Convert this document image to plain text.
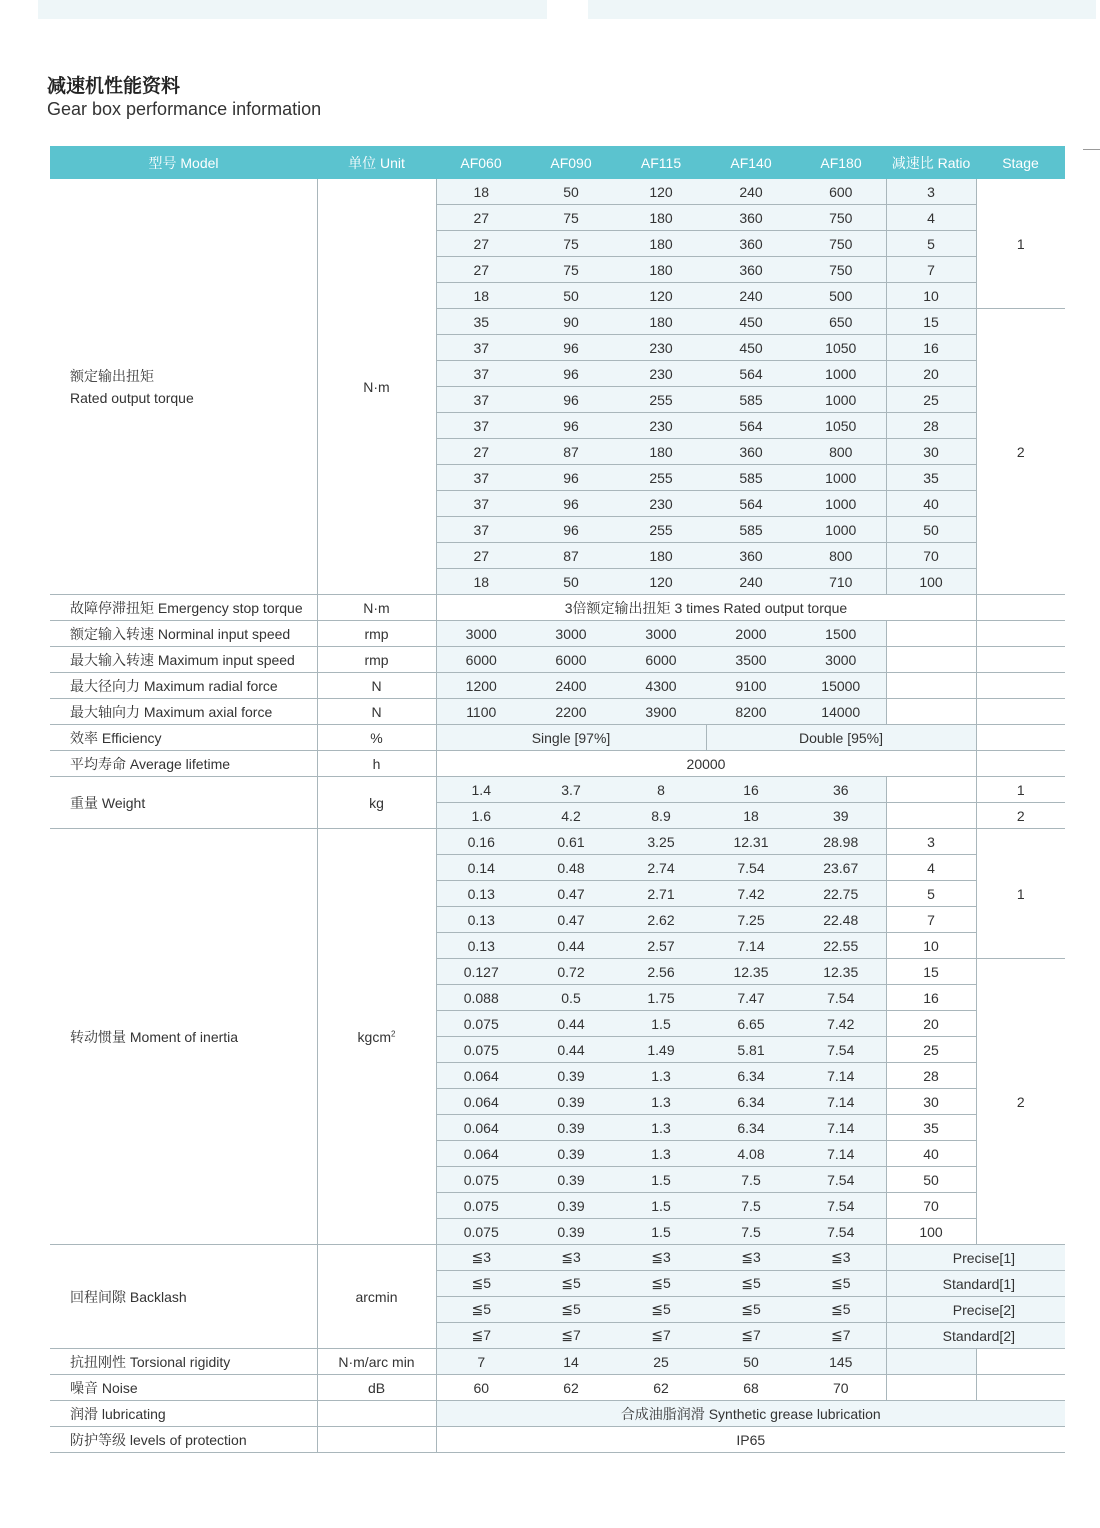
减速机性能资料
Gear box performance information
型号 Model	单位 Unit	AF060	AF090	AF115	AF140	AF180	减速比 Ratio	Stage
额定输出扭矩
Rated output torque	N·m	18	50	120	240	600	3	1
		27	75	180	360	750	4	
		27	75	180	360	750	5	
		27	75	180	360	750	7	
		18	50	120	240	500	10	
		35	90	180	450	650	15	2
		37	96	230	450	1050	16	
		37	96	230	564	1000	20	
		37	96	255	585	1000	25	
		37	96	230	564	1050	28	
		27	87	180	360	800	30	
		37	96	255	585	1000	35	
		37	96	230	564	1000	40	
		37	96	255	585	1000	50	
		27	87	180	360	800	70	
		18	50	120	240	710	100	
故障停滞扭矩 Emergency stop torque	N·m	3倍额定输出扭矩 3 times Rated output torque						
额定输入转速 Norminal input speed	rmp	3000	3000	3000	2000	1500		
最大输入转速 Maximum input speed	rmp	6000	6000	6000	3500	3000		
最大径向力 Maximum radial force	N	1200	2400	4300	9100	15000		
最大轴向力 Maximum axial force	N	1100	2200	3900	8200	14000		
效率 Efficiency	%	Single [97%]			Double [95%]			
平均寿命 Average lifetime	h	20000						
重量 Weight	kg	1.4	3.7	8	16	36		1
		1.6	4.2	8.9	18	39		2
转动惯量 Moment of inertia	kgcm$^2$	0.16	0.61	3.25	12.31	28.98	3	1
		0.14	0.48	2.74	7.54	23.67	4	
		0.13	0.47	2.71	7.42	22.75	5	
		0.13	0.47	2.62	7.25	22.48	7	
		0.13	0.44	2.57	7.14	22.55	10	
		0.127	0.72	2.56	12.35	12.35	15	2
		0.088	0.5	1.75	7.47	7.54	16	
		0.075	0.44	1.5	6.65	7.42	20	
		0.075	0.44	1.49	5.81	7.54	25	
		0.064	0.39	1.3	6.34	7.14	28	
		0.064	0.39	1.3	6.34	7.14	30	
		0.064	0.39	1.3	6.34	7.14	35	
		0.064	0.39	1.3	4.08	7.14	40	
		0.075	0.39	1.5	7.5	7.54	50	
		0.075	0.39	1.5	7.5	7.54	70	
		0.075	0.39	1.5	7.5	7.54	100	
回程间隙 Backlash	arcmin	≦3	≦3	≦3	≦3	≦3	Precise[1]	
		≦5	≦5	≦5	≦5	≦5	Standard[1]	
		≦5	≦5	≦5	≦5	≦5	Precise[2]	
		≦7	≦7	≦7	≦7	≦7	Standard[2]	
抗扭刚性 Torsional rigidity	N·m/arc min	7	14	25	50	145		
噪音 Noise	dB	60	62	62	68	70		
润滑 lubricating		合成油脂润滑 Synthetic grease lubrication						
防护等级 levels of protection		IP65						
